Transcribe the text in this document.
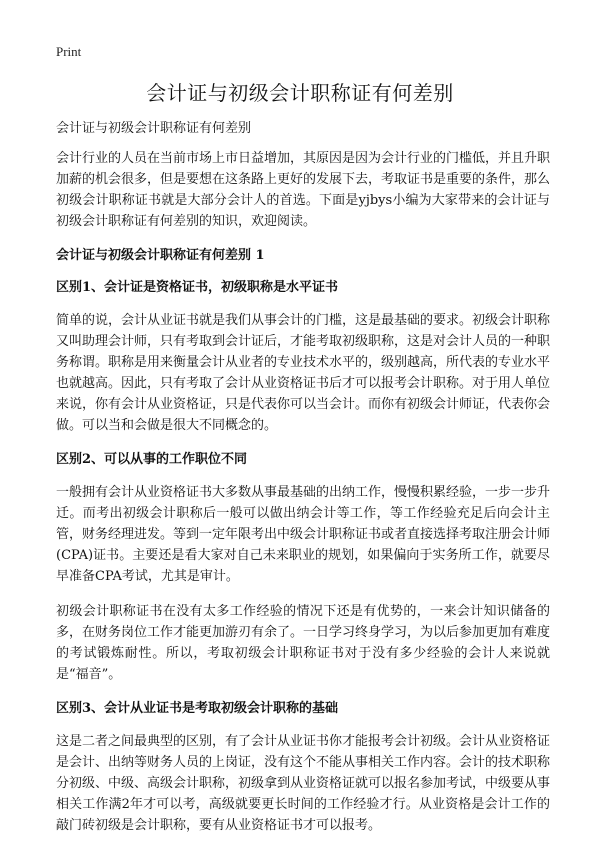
Print
会计证与初级会计职称证有何差别
会计证与初级会计职称证有何差别

会计行业的人员在当前市场上市日益增加，其原因是因为会计行业的门槛低，并且升职加薪的机会很多，但是要想在这条路上更好的发展下去，考取证书是重要的条件，那么初级会计职称证书就是大部分会计人的首选。下面是yjbys小编为大家带来的会计证与初级会计职称证有何差别的知识，欢迎阅读。

会计证与初级会计职称证有何差别 1
区别1、会计证是资格证书，初级职称是水平证书

简单的说，会计从业证书就是我们从事会计的门槛，这是最基础的要求。初级会计职称又叫助理会计师，只有考取到会计证后，才能考取初级职称，这是对会计人员的一种职务称谓。职称是用来衡量会计从业者的专业技术水平的，级别越高，所代表的专业水平也就越高。因此，只有考取了会计从业资格证书后才可以报考会计职称。对于用人单位来说，你有会计从业资格证，只是代表你可以当会计。而你有初级会计师证，代表你会做。可以当和会做是很大不同概念的。

区别2、可以从事的工作职位不同

一般拥有会计从业资格证书大多数从事最基础的出纳工作，慢慢积累经验，一步一步升迁。而考出初级会计职称后一般可以做出纳会计等工作，等工作经验充足后向会计主管，财务经理进发。等到一定年限考出中级会计职称证书或者直接选择考取注册会计师(CPA)证书。主要还是看大家对自己未来职业的规划，如果偏向于实务所工作，就要尽早准备CPA考试，尤其是审计。

初级会计职称证书在没有太多工作经验的情况下还是有优势的，一来会计知识储备的多，在财务岗位工作才能更加游刃有余了。一日学习终身学习，为以后参加更加有难度的考试锻炼耐性。所以，考取初级会计职称证书对于没有多少经验的会计人来说就是“福音”。

区别3、会计从业证书是考取初级会计职称的基础

这是二者之间最典型的区别，有了会计从业证书你才能报考会计初级。会计从业资格证是会计、出纳等财务人员的上岗证，没有这个不能从事相关工作内容。会计的技术职称分初级、中级、高级会计职称，初级拿到从业资格证就可以报名参加考试，中级要从事相关工作满2年才可以考，高级就要更长时间的工作经验才行。从业资格是会计工作的敲门砖初级是会计职称，要有从业资格证书才可以报考。
